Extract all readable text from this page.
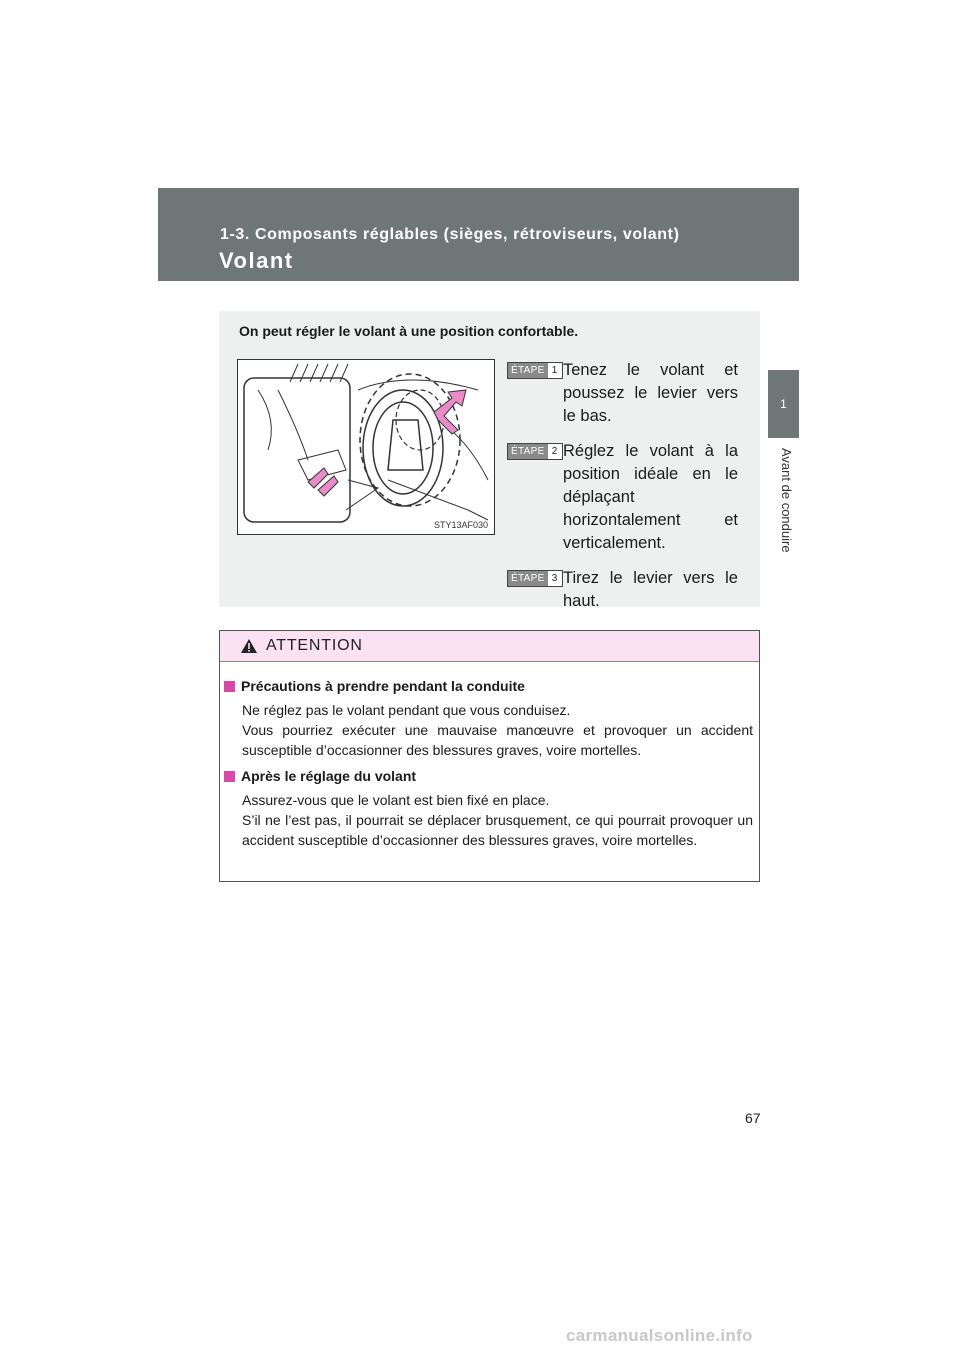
1-3. Composants réglables (sièges, rétroviseurs, volant)
Volant
1
Avant de conduire
On peut régler le volant à une position confortable.
STY13AF030
ÉTAPE 1 Tenez le volant et poussez le levier vers le bas.
ÉTAPE 2 Réglez le volant à la position idéale en le déplaçant horizontalement et verticalement.
ÉTAPE 3 Tirez le levier vers le haut.
ATTENTION
Précautions à prendre pendant la conduite

Ne réglez pas le volant pendant que vous conduisez.

Vous pourriez exécuter une mauvaise manœuvre et provoquer un accident susceptible d’occasionner des blessures graves, voire mortelles.

Après le réglage du volant

Assurez-vous que le volant est bien fixé en place.

S’il ne l’est pas, il pourrait se déplacer brusquement, ce qui pourrait provoquer un accident susceptible d’occasionner des blessures graves, voire mortelles.

67
carmanualsonline.info
